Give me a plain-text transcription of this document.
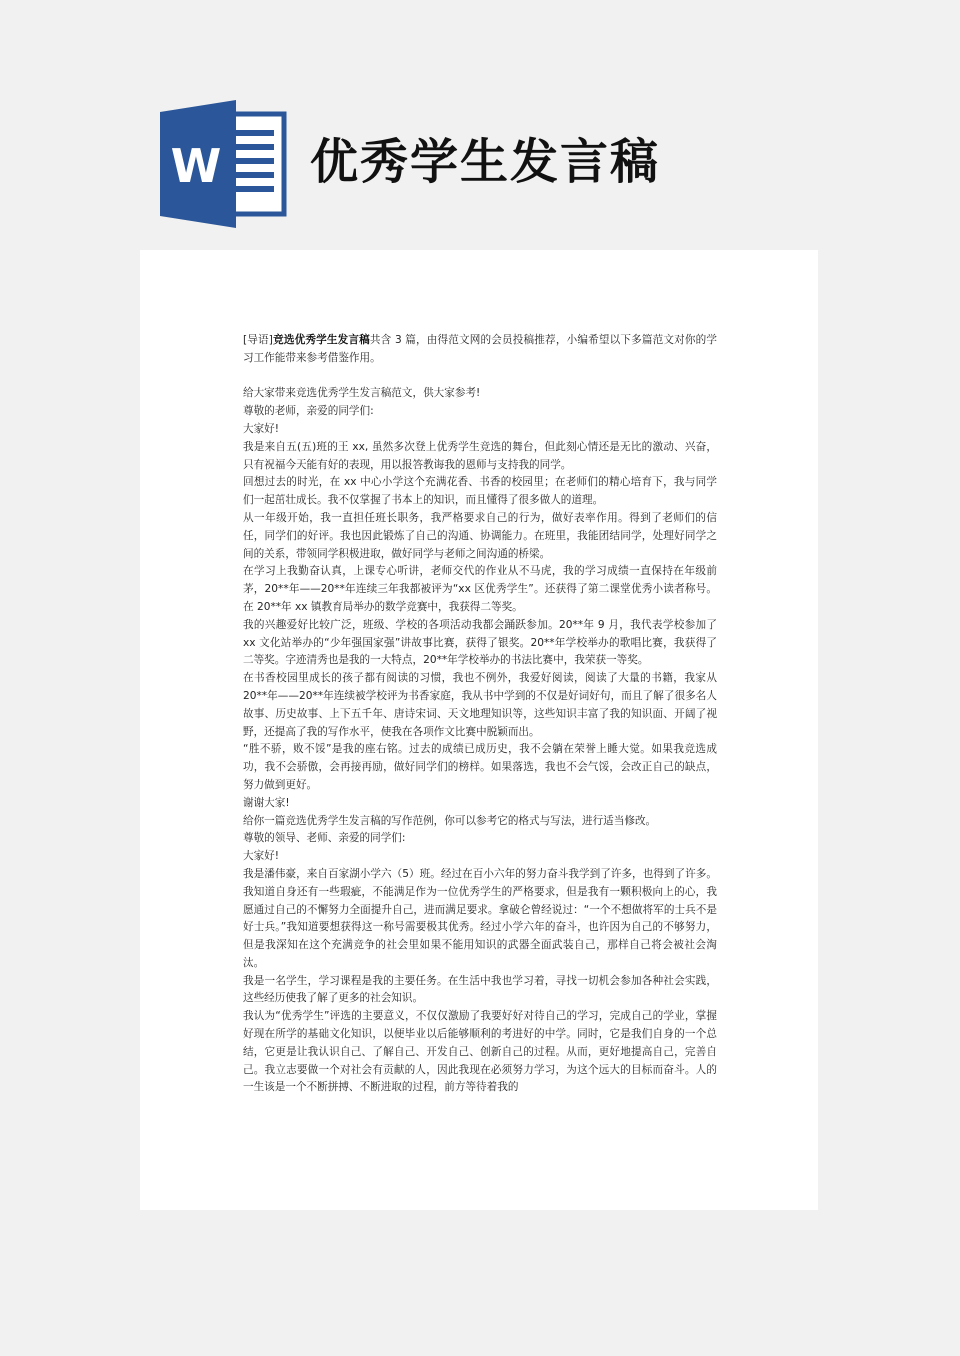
W 优秀学生发言稿

[导语]竞选优秀学生发言稿共含 3 篇，由得范文网的会员投稿推荐，小编希望以下多篇范文对你的学习工作能带来参考借鉴作用。

给大家带来竞选优秀学生发言稿范文，供大家参考!

尊敬的老师，亲爱的同学们:

大家好!

我是来自五(五)班的王 xx, 虽然多次登上优秀学生竞选的舞台，但此刻心情还是无比的激动、兴奋，只有祝福今天能有好的表现，用以报答教诲我的恩师与支持我的同学。

回想过去的时光，在 xx 中心小学这个充满花香、书香的校园里；在老师们的精心培育下，我与同学们一起茁壮成长。我不仅掌握了书本上的知识，而且懂得了很多做人的道理。

从一年级开始，我一直担任班长职务，我严格要求自己的行为，做好表率作用。得到了老师们的信任，同学们的好评。我也因此锻炼了自己的沟通、协调能力。在班里，我能团结同学，处理好同学之间的关系，带领同学积极进取，做好同学与老师之间沟通的桥梁。

在学习上我勤奋认真，上课专心听讲，老师交代的作业从不马虎，我的学习成绩一直保持在年级前茅，20**年——20**年连续三年我都被评为“xx 区优秀学生”。还获得了第二课堂优秀小读者称号。在 20**年 xx 镇教育局举办的数学竞赛中，我获得二等奖。

我的兴趣爱好比较广泛，班级、学校的各项活动我都会踊跃参加。20**年 9 月，我代表学校参加了 xx 文化站举办的“少年强国家强”讲故事比赛，获得了银奖。20**年学校举办的歌唱比赛，我获得了二等奖。字迹清秀也是我的一大特点，20**年学校举办的书法比赛中，我荣获一等奖。

在书香校园里成长的孩子都有阅读的习惯，我也不例外，我爱好阅读，阅读了大量的书籍，我家从 20**年——20**年连续被学校评为书香家庭，我从书中学到的不仅是好词好句，而且了解了很多名人故事、历史故事、上下五千年、唐诗宋词、天文地理知识等，这些知识丰富了我的知识面、开阔了视野，还提高了我的写作水平，使我在各项作文比赛中脱颖而出。

“胜不骄，败不馁”是我的座右铭。过去的成绩已成历史，我不会躺在荣誉上睡大觉。如果我竞选成功，我不会骄傲，会再接再励，做好同学们的榜样。如果落选，我也不会气馁，会改正自己的缺点，努力做到更好。

谢谢大家!

给你一篇竞选优秀学生发言稿的写作范例，你可以参考它的格式与写法，进行适当修改。

尊敬的领导、老师、亲爱的同学们:

大家好!

我是潘伟豪，来自百家湖小学六（5）班。经过在百小六年的努力奋斗我学到了许多，也得到了许多。我知道自身还有一些瑕疵，不能满足作为一位优秀学生的严格要求，但是我有一颗积极向上的心，我愿通过自己的不懈努力全面提升自己，进而满足要求。拿破仑曾经说过：“一个不想做将军的士兵不是好士兵。”我知道要想获得这一称号需要极其优秀。经过小学六年的奋斗，也许因为自己的不够努力，但是我深知在这个充满竞争的社会里如果不能用知识的武器全面武装自己，那样自己将会被社会淘汰。

我是一名学生，学习课程是我的主要任务。在生活中我也学习着，寻找一切机会参加各种社会实践，这些经历使我了解了更多的社会知识。

我认为“优秀学生”评选的主要意义，不仅仅激励了我要好好对待自己的学习，完成自己的学业，掌握好现在所学的基础文化知识，以便毕业以后能够顺利的考进好的中学。同时，它是我们自身的一个总结，它更是让我认识自己、了解自己、开发自己、创新自己的过程。从而，更好地提高自己，完善自己。我立志要做一个对社会有贡献的人，因此我现在必须努力学习，为这个远大的目标而奋斗。人的一生该是一个不断拼搏、不断进取的过程，前方等待着我的
